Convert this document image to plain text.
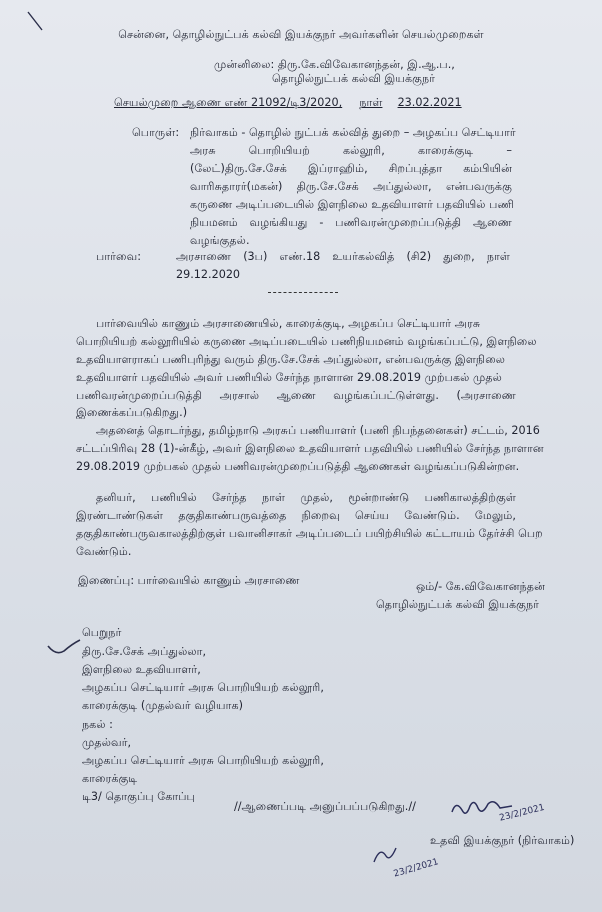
சென்னை, தொழில்நுட்பக் கல்வி இயக்குநர் அவர்களின் செயல்முறைகள்
முன்னிலை: திரு.கே.விவேகானந்தன், இ.ஆ.ப.,
தொழில்நுட்பக் கல்வி இயக்குநர்
செயல்முறை ஆணை எண் 21092/டி3/2020, நாள் 23.02.2021
பொருள்: நிர்வாகம் - தொழில் நுட்பக் கல்வித் துறை – அழகப்ப செட்டியார்
அரசு	பொறியியற்	கல்லூரி,	காரைக்குடி	–
(லேட்)திரு.சே.சேக் இப்ராஹிம், சிறப்புத்தா கம்பியின்
வாரிசுதாரர்(மகன்) திரு.சே.சேக் அப்துல்லா, என்பவருக்கு
கருணை அடிப்படையில் இளநிலை உதவியாளர் பதவியில் பணி
நியமனம் வழங்கியது - பணிவரன்முறைப்படுத்தி ஆணை
வழங்குதல்.
பார்வை:	அரசாணை (3ப) எண்.18 உயர்கல்வித் (சி2) துறை, நாள்
29.12.2020
பார்வையில் காணும் அரசாணையில், காரைக்குடி, அழகப்ப செட்டியார் அரசு
பொறியியற் கல்லூரியில் கருணை அடிப்படையில் பணிநியமனம் வழங்கப்பட்டு, இளநிலை
உதவியாளராகப் பணிபுரிந்து வரும் திரு.சே.சேக் அப்துல்லா, என்பவருக்கு இளநிலை
உதவியாளர் பதவியில் அவர் பணியில் சேர்ந்த நாளான 29.08.2019 முற்பகல் முதல்
பணிவரன்முறைப்படுத்தி அரசால் ஆணை வழங்கப்பட்டுள்ளது. (அரசாணை
இணைக்கப்படுகிறது.)
அதனைத் தொடர்ந்து, தமிழ்நாடு அரசுப் பணியாளர் (பணி நிபந்தனைகள்) சட்டம், 2016
சட்டப்பிரிவு 28 (1)-ன்கீழ், அவர் இளநிலை உதவியாளர் பதவியில் பணியில் சேர்ந்த நாளான
29.08.2019 முற்பகல் முதல் பணிவரன்முறைப்படுத்தி ஆணைகள் வழங்கப்படுகின்றன.
தனியர், பணியில் சேர்ந்த நாள் முதல், மூன்றாண்டு பணிகாலத்திற்குள்
இரண்டாண்டுகள் தகுதிகாண்பருவத்தை நிறைவு செய்ய வேண்டும். மேலும்,
தகுதிகாண்பருவகாலத்திற்குள் பவானிசாகர் அடிப்படைப் பயிற்சியில் கட்டாயம் தேர்ச்சி பெற
வேண்டும்.
இணைப்பு: பார்வையில் காணும் அரசாணை	ஒம்/- கே.விவேகானந்தன்
தொழில்நுட்பக் கல்வி இயக்குநர்
பெறுநர்
திரு.சே.சேக் அப்துல்லா,
இளநிலை உதவியாளர்,
அழகப்ப செட்டியார் அரசு பொறியியற் கல்லூரி,
காரைக்குடி (முதல்வர் வழியாக)
நகல் :
முதல்வர்,
அழகப்ப செட்டியார் அரசு பொறியியற் கல்லூரி,
காரைக்குடி
டி3/ தொகுப்பு கோப்பு
//ஆணைப்படி அனுப்பப்படுகிறது.//	23/2/2021
உதவி இயக்குநர் (நிர்வாகம்)
23/2/2021
